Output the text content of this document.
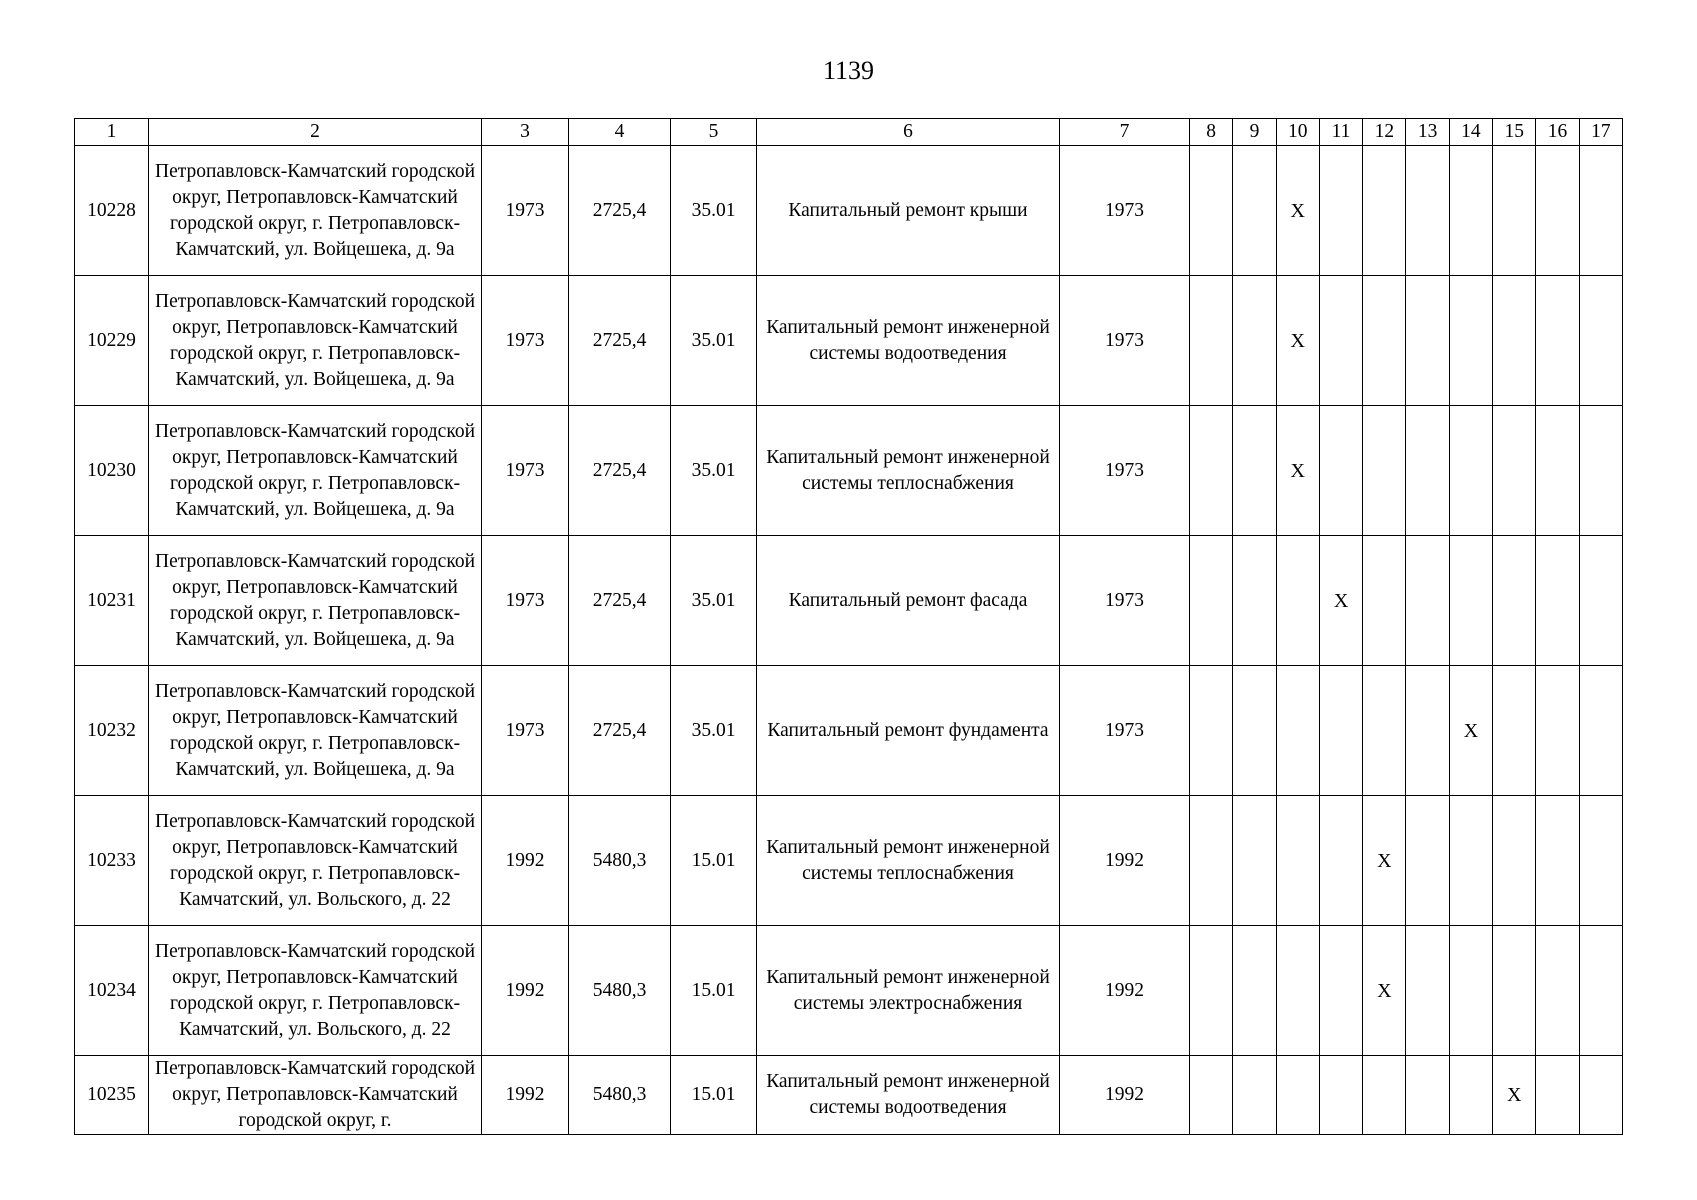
1139
1	2	3	4	5	6	7	8	9	10	11	12	13	14	15	16	17
10228	Петропавловск-Камчатский городской округ, Петропавловск-Камчатский городской округ, г. Петропавловск-Камчатский, ул. Войцешека, д. 9а	1973	2725,4	35.01	Капитальный ремонт крыши	1973			X							
10229	Петропавловск-Камчатский городской округ, Петропавловск-Камчатский городской округ, г. Петропавловск-Камчатский, ул. Войцешека, д. 9а	1973	2725,4	35.01	Капитальный ремонт инженерной системы водоотведения	1973			X							
10230	Петропавловск-Камчатский городской округ, Петропавловск-Камчатский городской округ, г. Петропавловск-Камчатский, ул. Войцешека, д. 9а	1973	2725,4	35.01	Капитальный ремонт инженерной системы теплоснабжения	1973			X							
10231	Петропавловск-Камчатский городской округ, Петропавловск-Камчатский городской округ, г. Петропавловск-Камчатский, ул. Войцешека, д. 9а	1973	2725,4	35.01	Капитальный ремонт фасада	1973				X						
10232	Петропавловск-Камчатский городской округ, Петропавловск-Камчатский городской округ, г. Петропавловск-Камчатский, ул. Войцешека, д. 9а	1973	2725,4	35.01	Капитальный ремонт фундамента	1973							X			
10233	Петропавловск-Камчатский городской округ, Петропавловск-Камчатский городской округ, г. Петропавловск-Камчатский, ул. Вольского, д. 22	1992	5480,3	15.01	Капитальный ремонт инженерной системы теплоснабжения	1992					X					
10234	Петропавловск-Камчатский городской округ, Петропавловск-Камчатский городской округ, г. Петропавловск-Камчатский, ул. Вольского, д. 22	1992	5480,3	15.01	Капитальный ремонт инженерной системы электроснабжения	1992					X					
10235	Петропавловск-Камчатский городской округ, Петропавловск-Камчатский городской округ, г.	1992	5480,3	15.01	Капитальный ремонт инженерной системы водоотведения	1992								X		
